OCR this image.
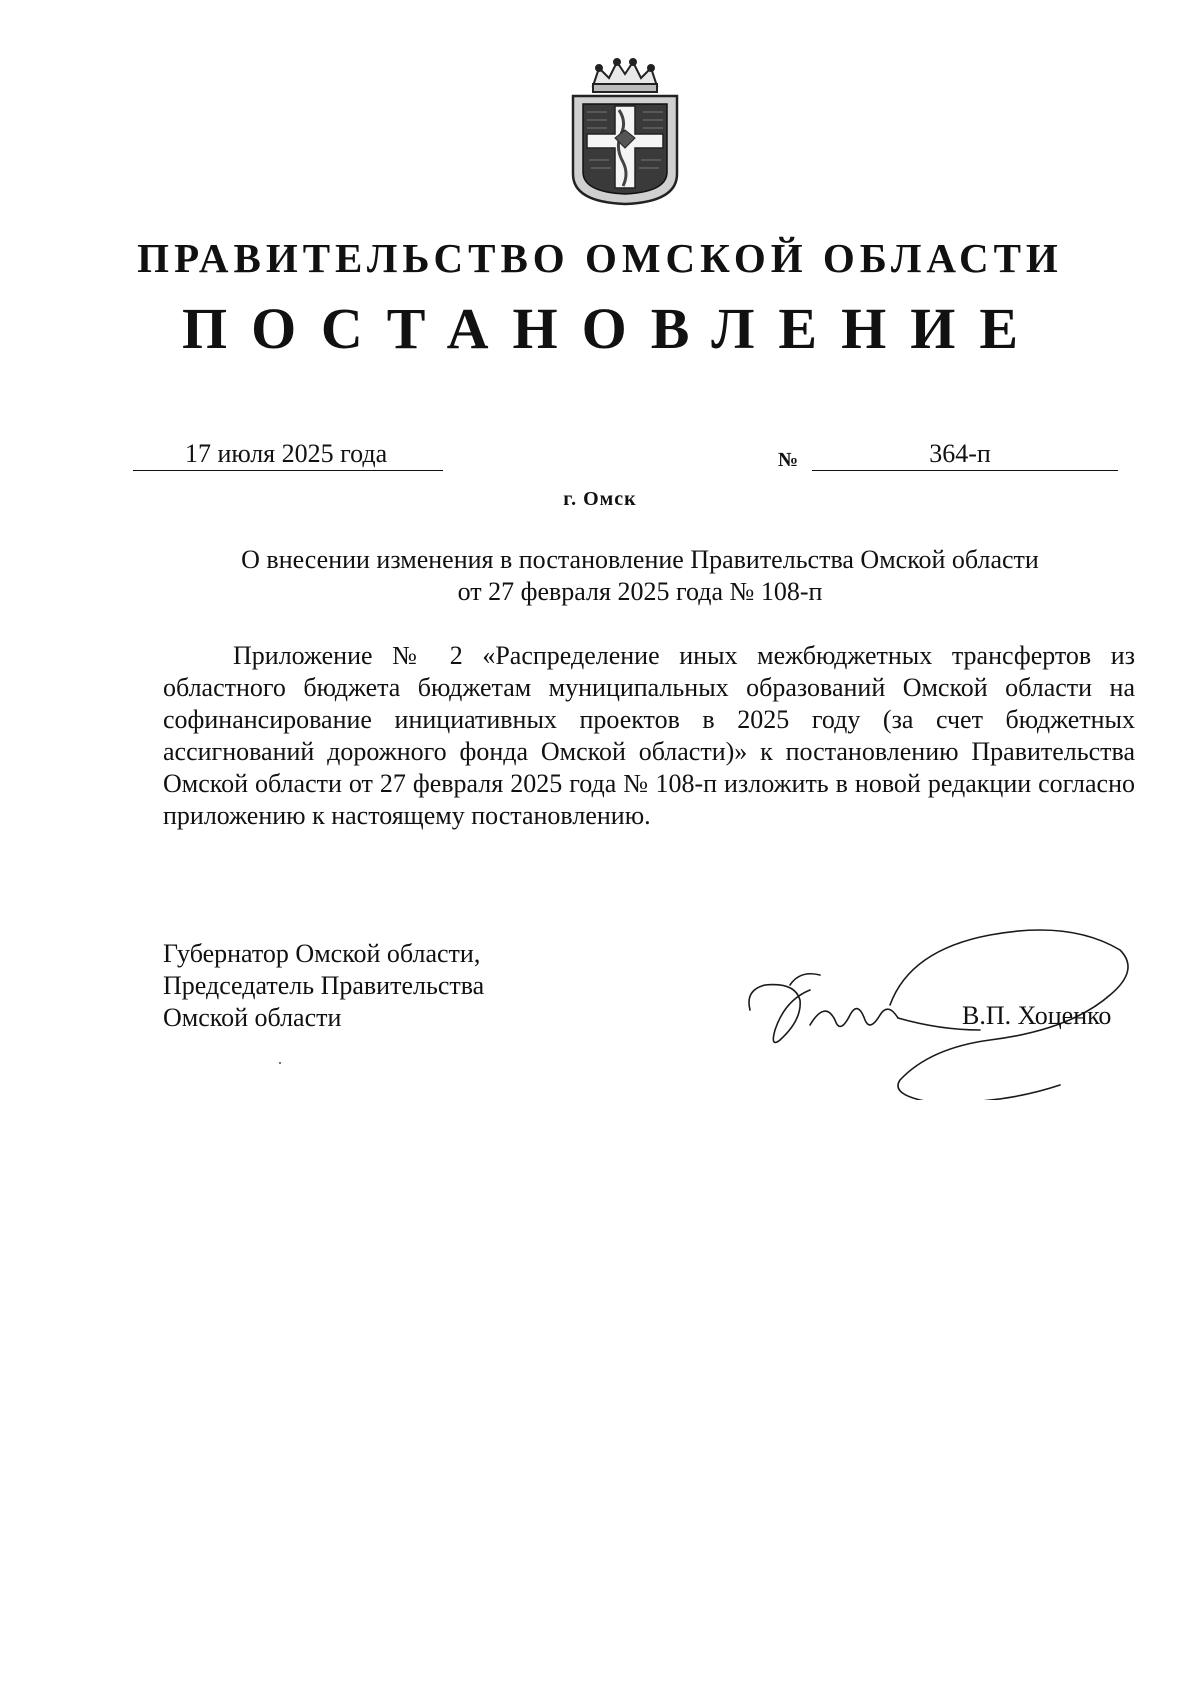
ПРАВИТЕЛЬСТВО ОМСКОЙ ОБЛАСТИ
ПОСТАНОВЛЕНИЕ
17 июля 2025 года	№	364-п
г. Омск
О внесении изменения в постановление Правительства Омской области
от 27 февраля 2025 года № 108-п
Приложение № 2 «Распределение иных межбюджетных трансфертов из областного бюджета бюджетам муниципальных образований Омской области на софинансирование инициативных проектов в 2025 году (за счет бюджетных ассигнований дорожного фонда Омской области)» к постановлению Правительства Омской области от 27 февраля 2025 года № 108-п изложить в новой редакции согласно приложению к настоящему постановлению.
Губернатор Омской области,
Председатель Правительства
Омской области	В.П. Хоценко
